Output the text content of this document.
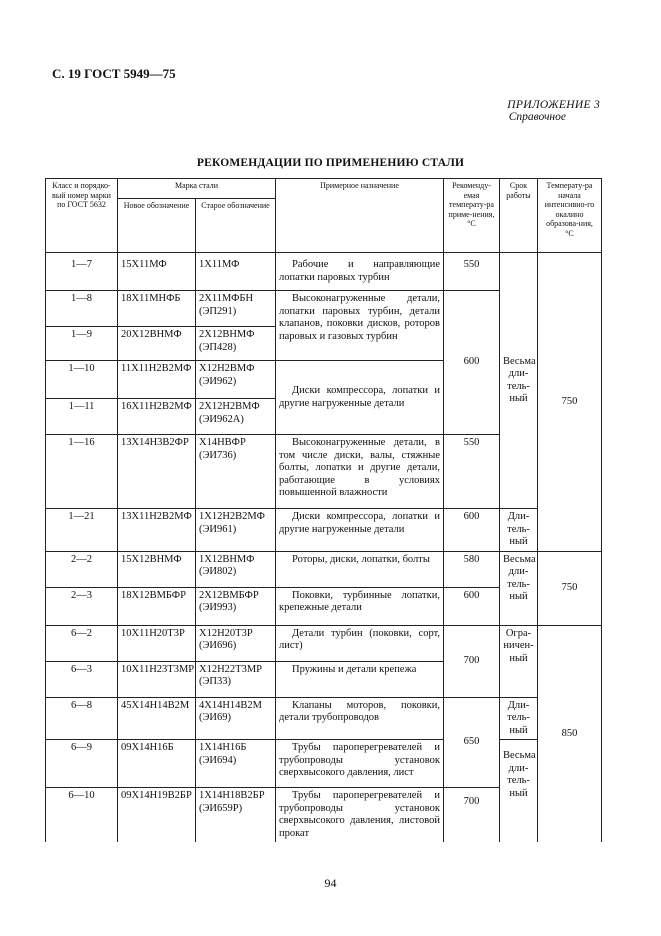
С. 19 ГОСТ 5949—75
ПРИЛОЖЕНИЕ 3
Справочное
РЕКОМЕНДАЦИИ ПО ПРИМЕНЕНИЮ СТАЛИ
Класс и порядко-вый номер марки по ГОСТ 5632	Марка стали		Примерное назначение	Рекоменду-емая температу-ра приме-нения, °С	Срок работы	Температу-ра начала интенсивно-го окалино образова-ния, °С
	Новое обозначение	Старое обозначение				
1—7	15Х11МФ	1Х11МФ	Рабочие и направляющие лопатки паровых турбин	550	Весьма дли-тель-ный	750
1—8	18Х11МНФБ	2Х11МФБН (ЭП291)	Высоконагруженные детали, лопатки паровых турбин, детали клапанов, поковки дисков, роторов паровых и газовых турбин	600		
1—9	20Х12ВНМФ	2Х12ВНМФ (ЭП428)				
1—10	11Х11Н2В2МФ	Х12Н2ВМФ (ЭИ962)	Диски компрессора, лопатки и другие нагруженные детали			
1—11	16Х11Н2В2МФ	2Х12Н2ВМФ (ЭИ962А)				
1—16	13Х14Н3В2ФР	Х14НВФР (ЭИ736)	Высоконагруженные детали, в том числе диски, валы, стяжные болты, лопатки и другие детали, работающие в условиях повышенной влажности	550		
1—21	13Х11Н2В2МФ	1Х12Н2В2МФ (ЭИ961)	Диски компрессора, лопатки и другие нагруженные детали	600	Дли-тель-ный	
2—2	15Х12ВНМФ	1Х12ВНМФ (ЭИ802)	Роторы, диски, лопатки, болты	580	Весьма дли-тель-ный	750
2—3	18Х12ВМБФР	2Х12ВМБФР (ЭИ993)	Поковки, турбинные лопатки, крепежные детали	600		
6—2	10Х11Н20Т3Р	Х12Н20Т3Р (ЭИ696)	Детали турбин (поковки, сорт, лист)	700	Огра-ничен-ный	850
6—3	10Х11Н23Т3МР	Х12Н22Т3МР (ЭП33)	Пружины и детали крепежа			
6—8	45Х14Н14В2М	4Х14Н14В2М (ЭИ69)	Клапаны моторов, поковки, детали трубопроводов	650	Дли-тель-ный	
6—9	09Х14Н16Б	1Х14Н16Б (ЭИ694)	Трубы пароперегревателей и трубопроводы установок сверхвысокого давления, лист		Весьма дли-тель-ный	
6—10	09Х14Н19В2БР	1Х14Н18В2БР (ЭИ659Р)	Трубы пароперегревателей и трубопроводы установок сверхвысокого давления, листовой прокат	700		
94
